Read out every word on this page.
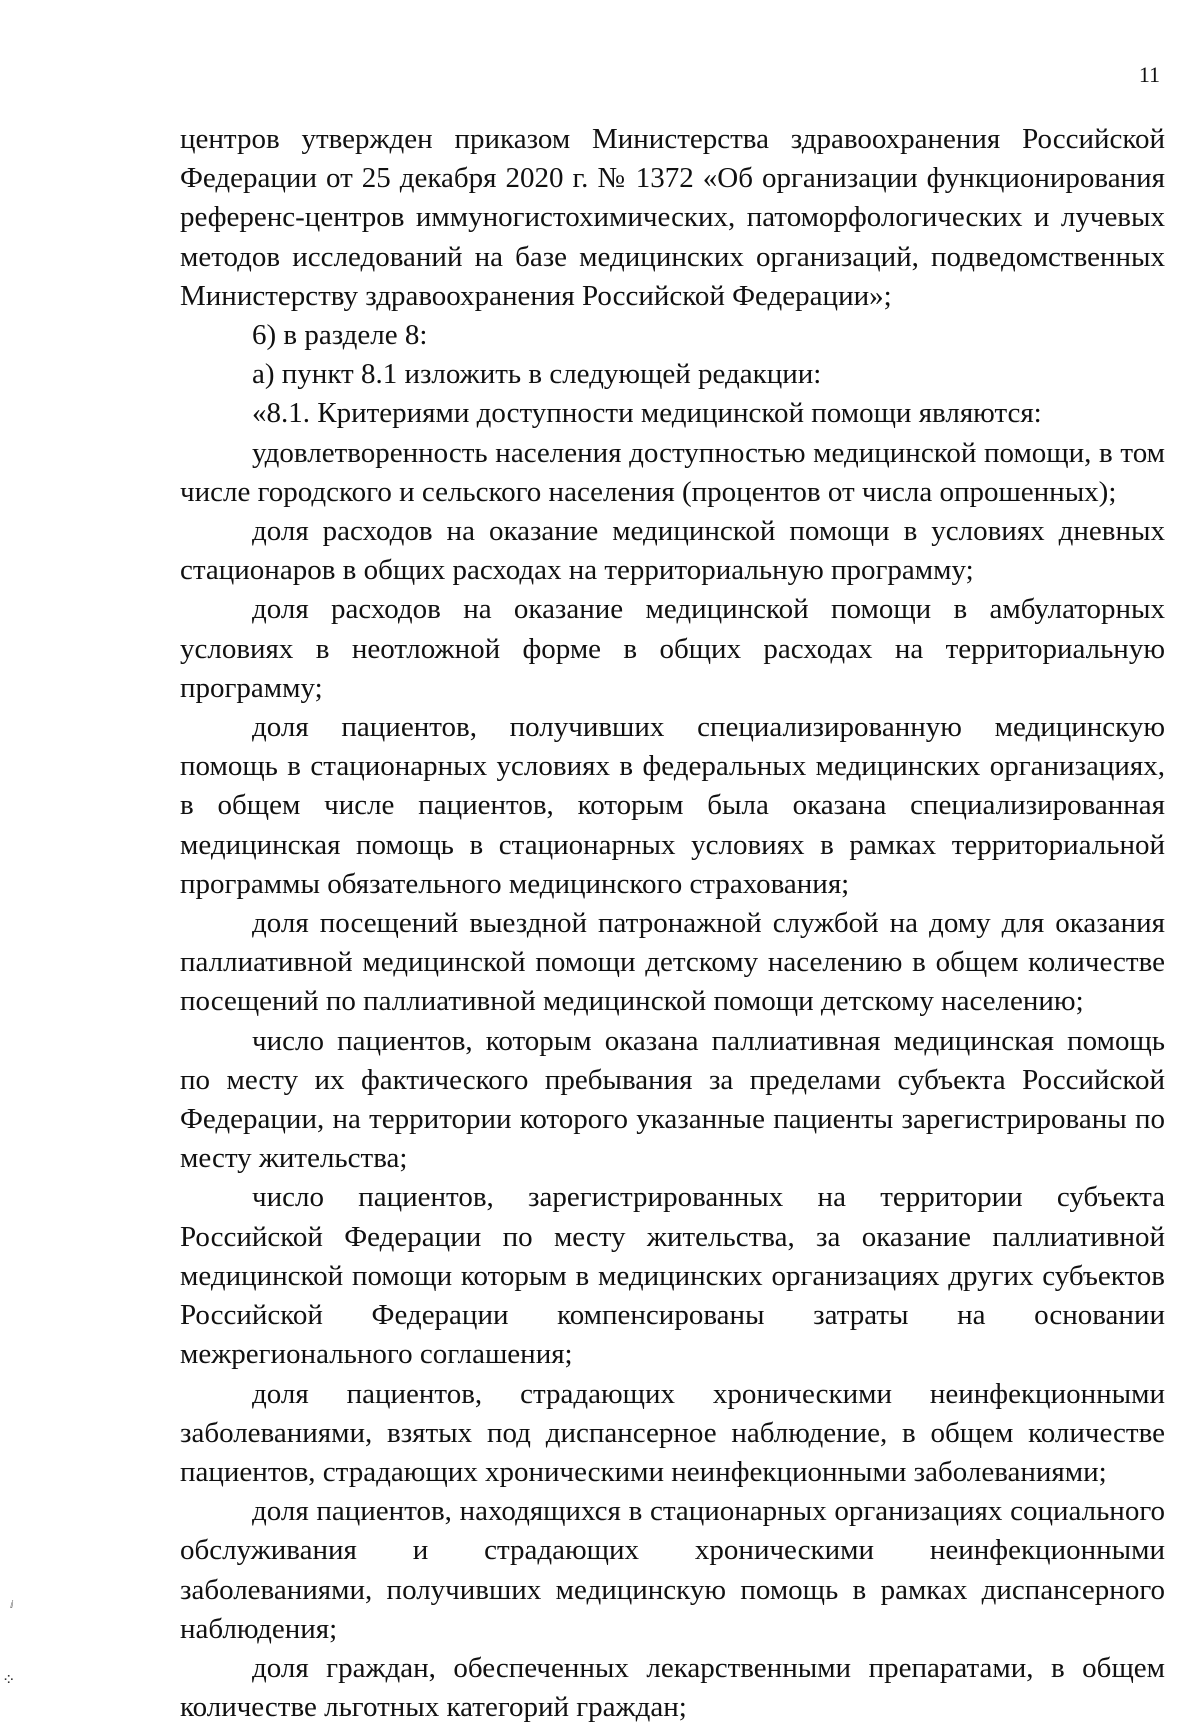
11

центров утвержден приказом Министерства здравоохранения Российской Федерации от 25 декабря 2020 г. № 1372 «Об организации функционирования референс-центров иммуногистохимических, патоморфологических и лучевых методов исследований на базе медицинских организаций, подведомственных Министерству здравоохранения Российской Федерации»;

6) в разделе 8:

а) пункт 8.1 изложить в следующей редакции:

«8.1. Критериями доступности медицинской помощи являются:

удовлетворенность населения доступностью медицинской помощи, в том числе городского и сельского населения (процентов от числа опрошенных);

доля расходов на оказание медицинской помощи в условиях дневных стационаров в общих расходах на территориальную программу;

доля расходов на оказание медицинской помощи в амбулаторных условиях в неотложной форме в общих расходах на территориальную программу;

доля пациентов, получивших специализированную медицинскую помощь в стационарных условиях в федеральных медицинских организациях, в общем числе пациентов, которым была оказана специализированная медицинская помощь в стационарных условиях в рамках территориальной программы обязательного медицинского страхования;

доля посещений выездной патронажной службой на дому для оказания паллиативной медицинской помощи детскому населению в общем количестве посещений по паллиативной медицинской помощи детскому населению;

число пациентов, которым оказана паллиативная медицинская помощь по месту их фактического пребывания за пределами субъекта Российской Федерации, на территории которого указанные пациенты зарегистрированы по месту жительства;

число пациентов, зарегистрированных на территории субъекта Российской Федерации по месту жительства, за оказание паллиативной медицинской помощи которым в медицинских организациях других субъектов Российской Федерации компенсированы затраты на основании межрегионального соглашения;

доля пациентов, страдающих хроническими неинфекционными заболеваниями, взятых под диспансерное наблюдение, в общем количестве пациентов, страдающих хроническими неинфекционными заболеваниями;

доля пациентов, находящихся в стационарных организациях социального обслуживания и страдающих хроническими неинфекционными заболеваниями, получивших медицинскую помощь в рамках диспансерного наблюдения;

доля граждан, обеспеченных лекарственными препаратами, в общем количестве льготных категорий граждан;

ⅈ
⁘
